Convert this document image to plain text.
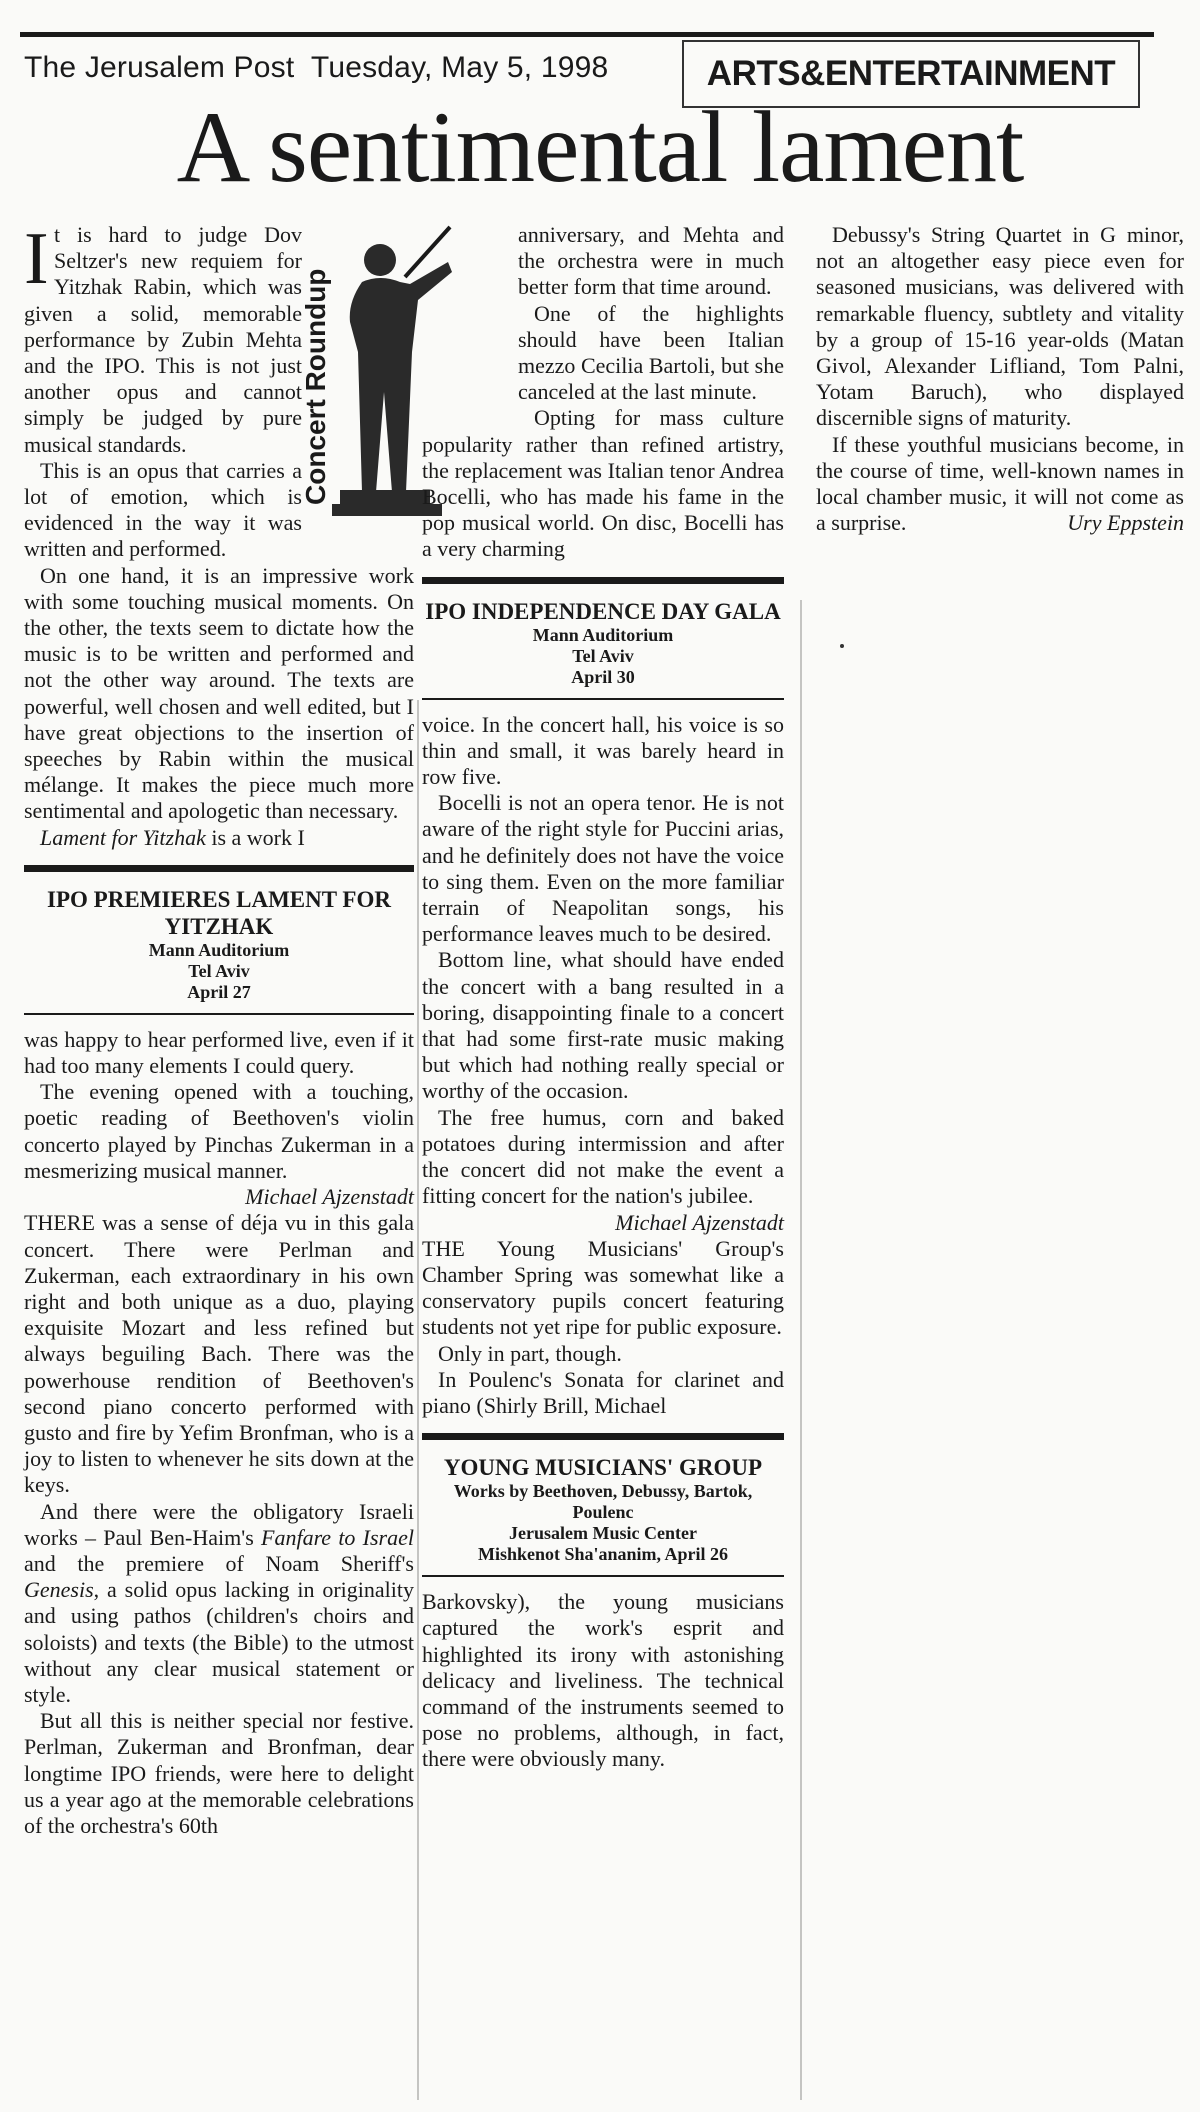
The Jerusalem Post Tuesday, May 5, 1998	ARTS&ENTERTAINMENT
A sentimental lament
Concert Roundup

I t is hard to judge Dov Seltzer's new requiem for Yitzhak Rabin, which was given a solid, memorable performance by Zubin Mehta and the IPO. This is not just another opus and cannot simply be judged by pure musical standards.

This is an opus that carries a lot of emotion, which is evidenced in the way it was written and performed.

On one hand, it is an impressive work with some touching musical moments. On the other, the texts seem to dictate how the music is to be written and performed and not the other way around. The texts are powerful, well chosen and well edited, but I have great objections to the insertion of speeches by Rabin within the musical mélange. It makes the piece much more sentimental and apologetic than necessary.

Lament for Yitzhak is a work I

IPO PREMIERES LAMENT FOR YITZHAK
Mann Auditorium
Tel Aviv
April 27

was happy to hear performed live, even if it had too many elements I could query.

The evening opened with a touching, poetic reading of Beethoven's violin concerto played by Pinchas Zukerman in a mesmerizing musical manner.
Michael Ajzenstadt

THERE was a sense of déja vu in this gala concert. There were Perlman and Zukerman, each extraordinary in his own right and both unique as a duo, playing exquisite Mozart and less refined but always beguiling Bach. There was the powerhouse rendition of Beethoven's second piano concerto performed with gusto and fire by Yefim Bronfman, who is a joy to listen to whenever he sits down at the keys.

And there were the obligatory Israeli works – Paul Ben-Haim's Fanfare to Israel and the premiere of Noam Sheriff's Genesis, a solid opus lacking in originality and using pathos (children's choirs and soloists) and texts (the Bible) to the utmost without any clear musical statement or style.

But all this is neither special nor festive. Perlman, Zukerman and Bronfman, dear longtime IPO friends, were here to delight us a year ago at the memorable celebrations of the orchestra's 60th

anniversary, and Mehta and the orchestra were in much better form that time around.

One of the highlights should have been Italian mezzo Cecilia Bartoli, but she canceled at the last minute.

Opting for mass culture popularity rather than refined artistry, the replacement was Italian tenor Andrea Bocelli, who has made his fame in the pop musical world. On disc, Bocelli has a very charming

IPO INDEPENDENCE DAY GALA
Mann Auditorium
Tel Aviv
April 30

voice. In the concert hall, his voice is so thin and small, it was barely heard in row five.

Bocelli is not an opera tenor. He is not aware of the right style for Puccini arias, and he definitely does not have the voice to sing them. Even on the more familiar terrain of Neapolitan songs, his performance leaves much to be desired.

Bottom line, what should have ended the concert with a bang resulted in a boring, disappointing finale to a concert that had some first-rate music making but which had nothing really special or worthy of the occasion.

The free humus, corn and baked potatoes during intermission and after the concert did not make the event a fitting concert for the nation's jubilee.
Michael Ajzenstadt

THE Young Musicians' Group's Chamber Spring was somewhat like a conservatory pupils concert featuring students not yet ripe for public exposure.

Only in part, though.

In Poulenc's Sonata for clarinet and piano (Shirly Brill, Michael

YOUNG MUSICIANS' GROUP
Works by Beethoven, Debussy, Bartok, Poulenc
Jerusalem Music Center
Mishkenot Sha'ananim, April 26

Barkovsky), the young musicians captured the work's esprit and highlighted its irony with astonishing delicacy and liveliness. The technical command of the instruments seemed to pose no problems, although, in fact, there were obviously many.

Debussy's String Quartet in G minor, not an altogether easy piece even for seasoned musicians, was delivered with remarkable fluency, subtlety and vitality by a group of 15-16 year-olds (Matan Givol, Alexander Lifliand, Tom Palni, Yotam Baruch), who displayed discernible signs of maturity.

If these youthful musicians become, in the course of time, well-known names in local chamber music, it will not come as a surprise.	Ury Eppstein
